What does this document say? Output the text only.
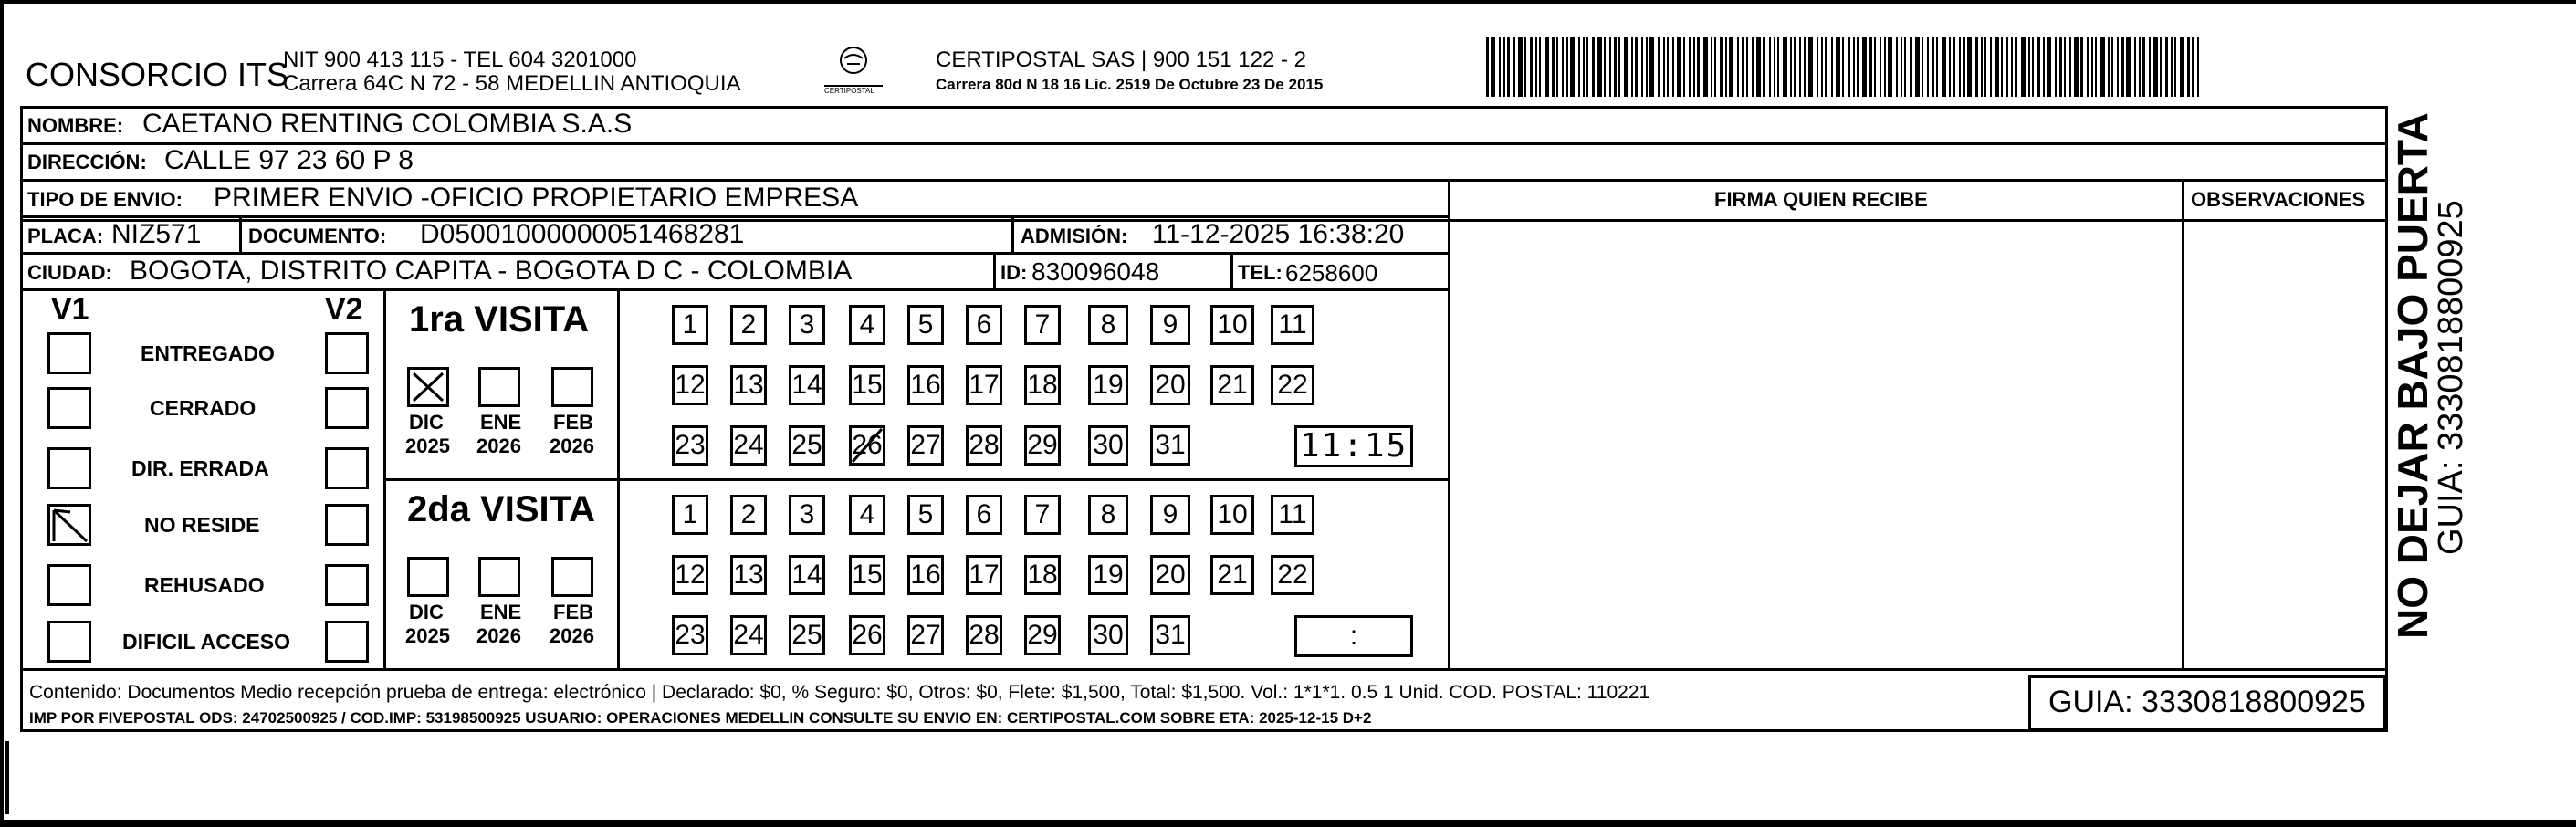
CONSORCIO ITS
NIT 900 413 115 - TEL 604 3201000
Carrera 64C N 72 - 58 MEDELLIN ANTIOQUIA	CERTIPOSTAL
CERTIPOSTAL SAS | 900 151 122 - 2
Carrera 80d N 18 16 Lic. 2519 De Octubre 23 De 2015
NOMBRE: CAETANO RENTING COLOMBIA S.A.S
DIRECCIÓN: CALLE 97 23 60 P 8
TIPO DE ENVIO: PRIMER ENVIO -OFICIO PROPIETARIO EMPRESA	FIRMA QUIEN RECIBE	OBSERVACIONES
PLACA: NIZ571 DOCUMENTO: D05001000000051468281	ADMISIÓN: 11-12-2025 16:38:20
CIUDAD: BOGOTA, DISTRITO CAPITA - BOGOTA D C - COLOMBIA	ID: 830096048	TEL: 6258600
V1	V2
ENTREGADO
CERRADO
DIR. ERRADA
NO RESIDE
REHUSADO
DIFICIL ACCESO
1ra VISITA
2da VISITA
DIC
2025
ENE
2026
FEB
2026
DIC
2025
ENE
2026
FEB
2026
1 2 3 4 5 6 7 8 9 10 11
12 13 14 15 16 17 18 19 20 21 22
23 24 25 26 27 28 29 30 31	11:15
1 2 3 4 5 6 7 8 9 10 11
12 13 14 15 16 17 18 19 20 21 22
23 24 25 26 27 28 29 30 31	:
Contenido: Documentos Medio recepción prueba de entrega: electrónico | Declarado: $0, % Seguro: $0, Otros: $0, Flete: $1,500, Total: $1,500. Vol.: 1*1*1. 0.5 1 Unid. COD. POSTAL: 110221
IMP POR FIVEPOSTAL ODS: 24702500925 / COD.IMP: 53198500925 USUARIO: OPERACIONES MEDELLIN CONSULTE SU ENVIO EN: CERTIPOSTAL.COM SOBRE ETA: 2025-12-15 D+2	GUIA: 3330818800925
NO DEJAR BAJO PUERTA
GUIA: 3330818800925
